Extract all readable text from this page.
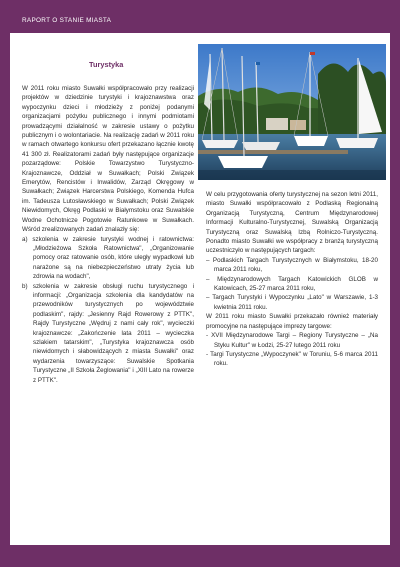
RAPORT O STANIE MIASTA
Turystyka

W 2011 roku miasto Suwałki współpracowało przy realizacji projektów w dziedzinie turystyki i krajoznawstwa oraz wypoczynku dzieci i młodzieży z poniżej podanymi organizacjami pożytku publicznego i innymi podmiotami prowadzącymi działalność w zakresie ustawy o pożytku publicznym i o wolontariacie. Na realizację zadań w 2011 roku w ramach otwartego konkursu ofert przekazano łącznie kwotę 41 300 zł. Realizatorami zadań były następujące organizacje pozarządowe: Polskie Towarzystwo Turystyczno-Krajoznawcze, Oddział w Suwałkach; Polski Związek Emerytów, Rencistów i Inwalidów, Zarząd Okręgowy w Suwałkach; Związek Harcerstwa Polskiego, Komenda Hufca im. Tadeusza Lutosławskiego w Suwałkach; Polski Związek Niewidomych, Okręg Podlaski w Białymstoku oraz Suwalskie Wodne Ochotnicze Pogotowie Ratunkowe w Suwałkach. Wśród zrealizowanych zadań znalazły się:

a) szkolenia w zakresie turystyki wodnej i ratownictwa: „Młodzieżowa Szkoła Ratownictwa", „Organizowanie pomocy oraz ratowanie osób, które uległy wypadkowi lub narażone są na niebezpieczeństwo utraty życia lub zdrowia na wodach",
b) szkolenia w zakresie obsługi ruchu turystycznego i informacji: „Organizacja szkolenia dla kandydatów na przewodników turystycznych po województwie podlaskim", rajdy: „Jesienny Rajd Rowerowy z PTTK", Rajdy Turystyczne „Wędruj z nami cały rok", wycieczki krajoznawcze: „Zakończenie lata 2011 – wycieczka szlakiem tatarskim", „Turystyka krajoznawcza osób niewidomych i słabowidzących z miasta Suwałki" oraz wydarzenia towarzyszące: Suwalskie Spotkania Turystyczne „II Szkoła Żeglowania" i „XIII Lato na rowerze z PTTK".

W celu przygotowania oferty turystycznej na sezon letni 2011, miasto Suwałki współpracowało z Podlaską Regionalną Organizacją Turystyczną, Centrum Międzynarodowej Informacji Kulturalno-Turystycznej, Suwalską Organizacją Turystyczną oraz Suwalską Izbą Rolniczo-Turystyczną. Ponadto miasto Suwałki we współpracy z branżą turystyczną uczestniczyło w następujących targach:

– Podlaskich Targach Turystycznych w Białymstoku, 18-20 marca 2011 roku,
– Międzynarodowych Targach Katowickich GLOB w Katowicach, 25-27 marca 2011 roku,
– Targach Turystyki i Wypoczynku „Lato" w Warszawie, 1-3 kwietnia 2011 roku.

W 2011 roku miasto Suwałki przekazało również materiały promocyjne na następujące imprezy targowe:

- XVII Międzynarodowe Targi – Regiony Turystyczne – „Na Styku Kultur" w Łodzi, 25-27 lutego 2011 roku
- Targi Turystyczne „Wypoczynek" w Toruniu, 5-6 marca 2011 roku.
44
